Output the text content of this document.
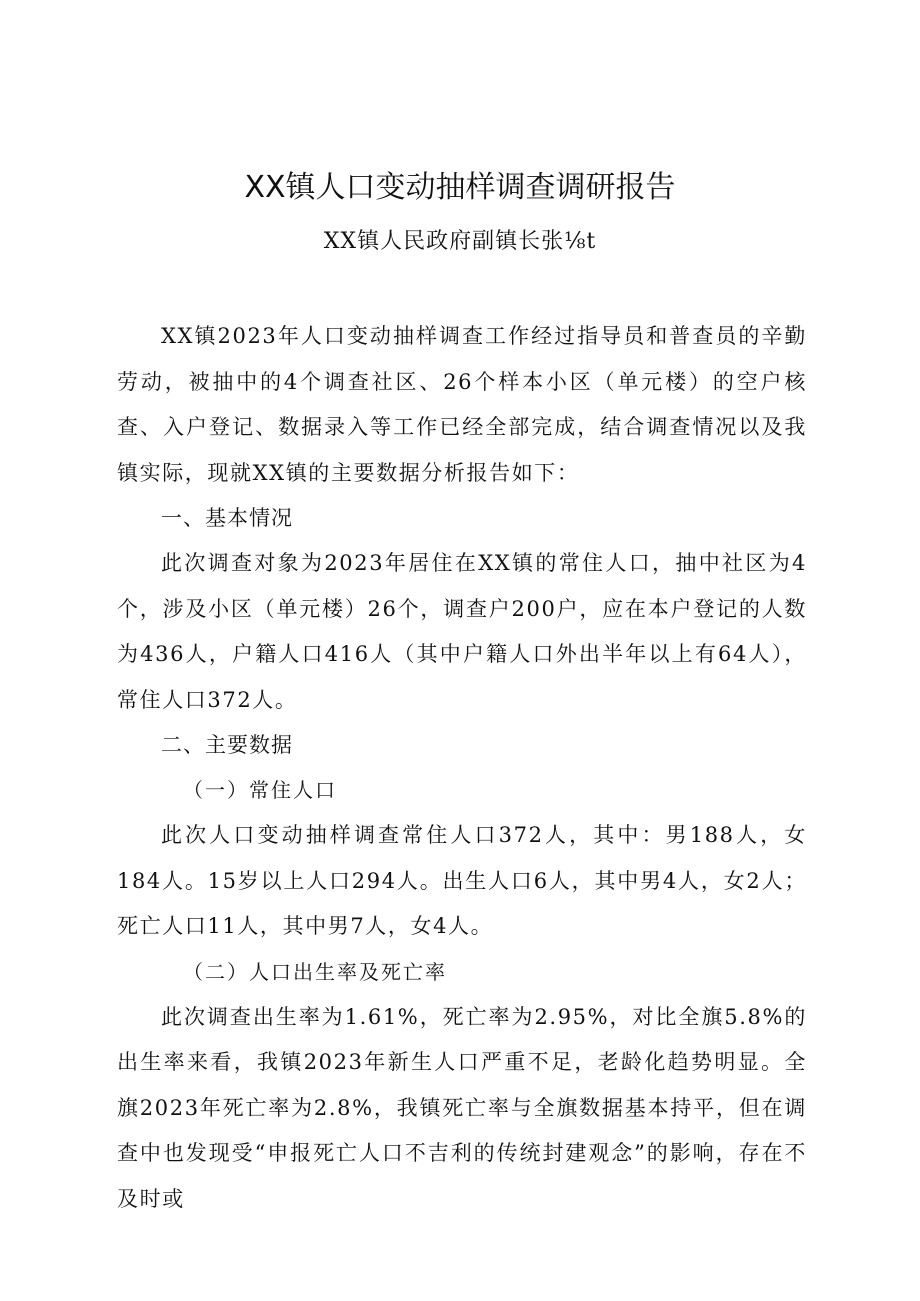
XX镇人口变动抽样调查调研报告

XX镇人民政府副镇长张⅛t

XX镇2023年人口变动抽样调查工作经过指导员和普查员的辛勤劳动，被抽中的4个调查社区、26个样本小区（单元楼）的空户核查、入户登记、数据录入等工作已经全部完成，结合调查情况以及我镇实际，现就XX镇的主要数据分析报告如下：

一、基本情况

此次调查对象为2023年居住在XX镇的常住人口，抽中社区为4个，涉及小区（单元楼）26个，调查户200户，应在本户登记的人数为436人，户籍人口416人（其中户籍人口外出半年以上有64人），常住人口372人。

二、主要数据

（一）常住人口

此次人口变动抽样调查常住人口372人，其中：男188人，女184人。15岁以上人口294人。出生人口6人，其中男4人，女2人；死亡人口11人，其中男7人，女4人。

（二）人口出生率及死亡率

此次调查出生率为1.61%，死亡率为2.95%，对比全旗5.8%的出生率来看，我镇2023年新生人口严重不足，老龄化趋势明显。全旗2023年死亡率为2.8%，我镇死亡率与全旗数据基本持平，但在调查中也发现受“申报死亡人口不吉利的传统封建观念”的影响，存在不及时或
